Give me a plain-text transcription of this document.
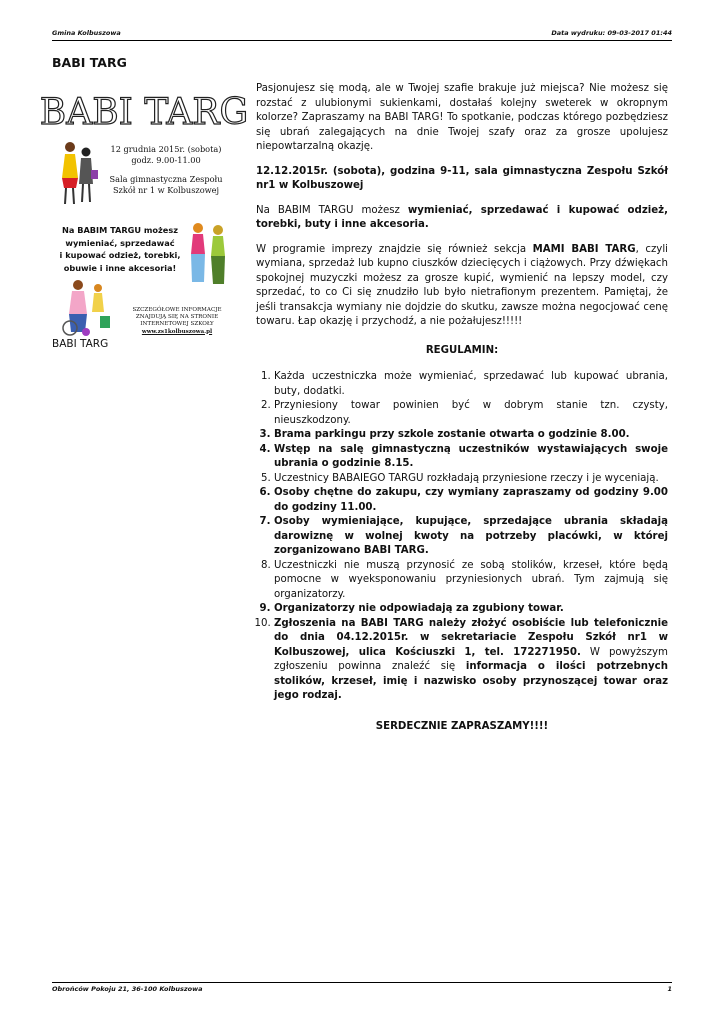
Gmina Kolbuszowa	Data wydruku: 09-03-2017 01:44
BABI TARG
BABI TARG

12 grudnia 2015r. (sobota)
godz. 9.00-11.00

Sala gimnastyczna Zespołu
Szkół nr 1 w Kolbuszowej

Na BABIM TARGU możesz
wymieniać, sprzedawać
i kupować odzież, torebki,
obuwie i inne akcesoria!
SZCZEGÓŁOWE INFORMACJE
ZNAJDUJĄ SIĘ NA STRONIE
INTERNETOWEJ SZKOŁY
www.zs1kolbuszowa.pl
BABI TARG

Pasjonujesz się modą, ale w Twojej szafie brakuje już miejsca? Nie możesz się rozstać z ulubionymi sukienkami, dostałaś kolejny sweterek w okropnym kolorze? Zapraszamy na BABI TARG! To spotkanie, podczas którego pozbędziesz się ubrań zalegających na dnie Twojej szafy oraz za grosze upolujesz niepowtarzalną okazję.

12.12.2015r. (sobota), godzina 9-11, sala gimnastyczna Zespołu Szkół nr1 w Kolbuszowej

Na BABIM TARGU możesz wymieniać, sprzedawać i kupować odzież, torebki, buty i inne akcesoria.

W programie imprezy znajdzie się również sekcja MAMI BABI TARG, czyli wymiana, sprzedaż lub kupno ciuszków dziecięcych i ciążowych. Przy dźwiękach spokojnej muzyczki możesz za grosze kupić, wymienić na lepszy model, czy sprzedać, to co Ci się znudziło lub było nietrafionym prezentem. Pamiętaj, że jeśli transakcja wymiany nie dojdzie do skutku, zawsze można negocjować cenę towaru. Łap okazję i przychodź, a nie pożałujesz!!!!!

REGULAMIN:
1. Każda uczestniczka może wymieniać, sprzedawać lub kupować ubrania, buty, dodatki.
2. Przyniesiony towar powinien być w dobrym stanie tzn. czysty, nieuszkodzony.
3. Brama parkingu przy szkole zostanie otwarta o godzinie 8.00.
4. Wstęp na salę gimnastyczną uczestników wystawiających swoje ubrania o godzinie 8.15.
5. Uczestnicy BABAIEGO TARGU rozkładają przyniesione rzeczy i je wyceniają.
6. Osoby chętne do zakupu, czy wymiany zapraszamy od godziny 9.00 do godziny 11.00.
7. Osoby wymieniające, kupujące, sprzedające ubrania składają darowiznę w wolnej kwoty na potrzeby placówki, w której zorganizowano BABI TARG.
8. Uczestniczki nie muszą przynosić ze sobą stolików, krzeseł, które będą pomocne w wyeksponowaniu przyniesionych ubrań. Tym zajmują się organizatorzy.
9. Organizatorzy nie odpowiadają za zgubiony towar.
10. Zgłoszenia na BABI TARG należy złożyć osobiście lub telefonicznie do dnia 04.12.2015r. w sekretariacie Zespołu Szkół nr1 w Kolbuszowej, ulica Kościuszki 1, tel. 172271950. W powyższym zgłoszeniu powinna znaleźć się informacja o ilości potrzebnych stolików, krzeseł, imię i nazwisko osoby przynoszącej towar oraz jego rodzaj.
SERDECZNIE ZAPRASZAMY!!!!
Obrońców Pokoju 21, 36-100 Kolbuszowa	1
